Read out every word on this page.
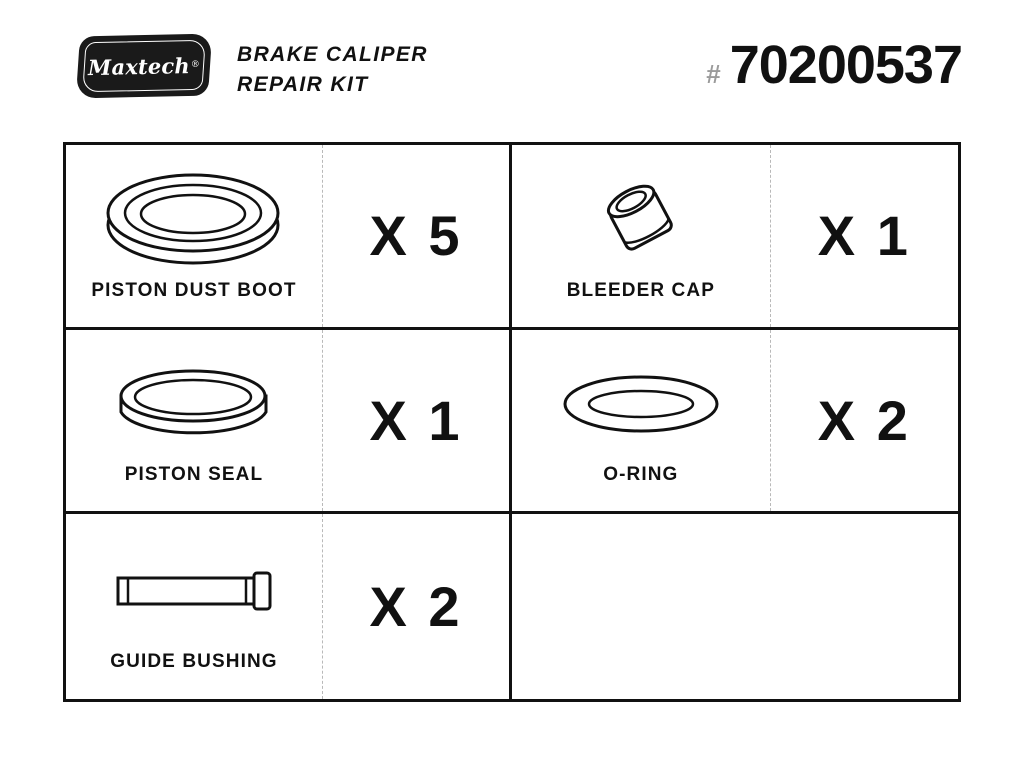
Maxtech ® BRAKE CALIPER
REPAIR KIT	# 70200537
PISTON DUST BOOT
X 5
BLEEDER CAP
X 1
PISTON SEAL
X 1
O-RING
X 2
GUIDE BUSHING
X 2
